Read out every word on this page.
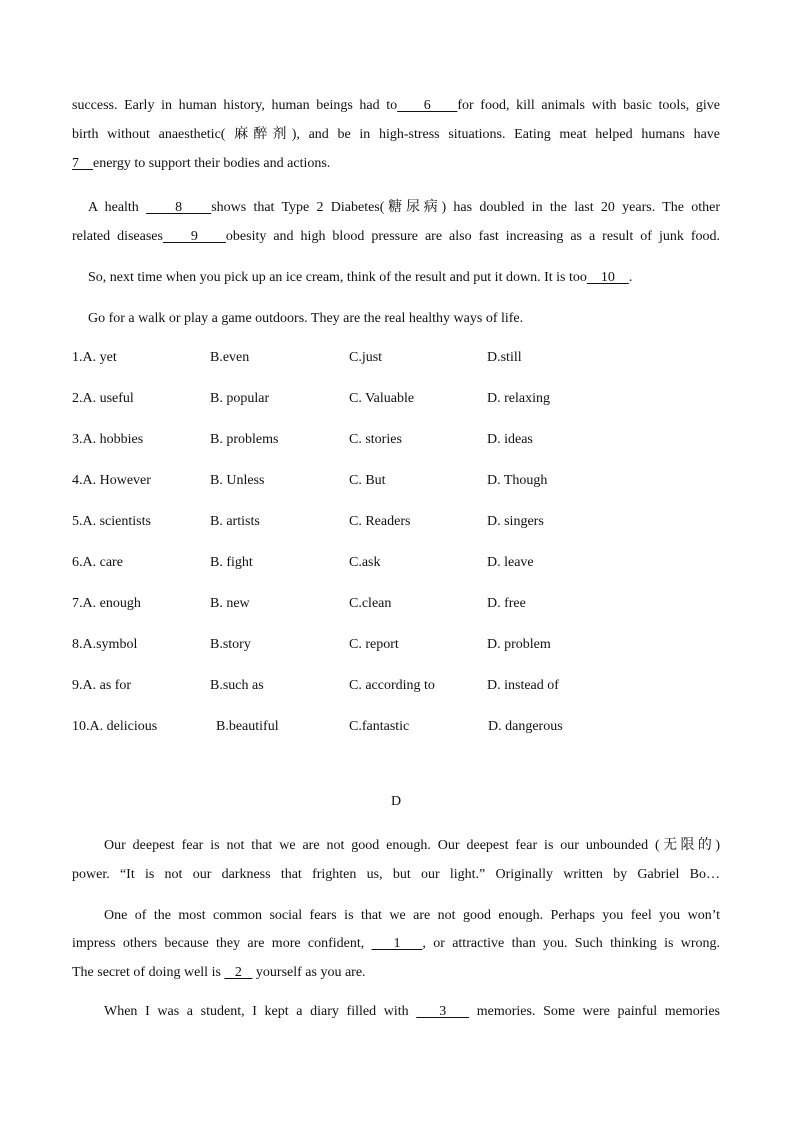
success. Early in human history, human beings had to    6    for food, kill animals with basic tools, give
birth without anaesthetic( 麻醉剂), and be in high-stress situations. Eating meat helped humans have
7    energy to support their bodies and actions.
A health     8    shows that Type 2 Diabetes(糖尿病) has doubled in the last 20 years. The other
related diseases    9    obesity and high blood pressure are also fast increasing as a result of junk food.
So, next time when you pick up an ice cream, think of the result and put it down. It is too    10    .
Go for a walk or play a game outdoors. They are the real healthy ways of life.
1.A. yet	B.even	C.just	D.still
2.A. useful	B. popular	C. Valuable	D. relaxing
3.A. hobbies	B. problems	C. stories	D. ideas
4.A. However	B. Unless	C. But	D. Though
5.A. scientists	B. artists	C. Readers	D. singers
6.A. care	B. fight	C.ask	D. leave
7.A. enough	B. new	C.clean	D. free
8.A.symbol	B.story	C. report	D. problem
9.A. as for	B.such as	C. according to	D. instead of
10.A. delicious	B.beautiful	C.fantastic	D. dangerous
D
Our deepest fear is not that we are not good enough. Our deepest fear is our unbounded (无限的)
power. “It is not our darkness that frighten us, but our light.” Originally written by Gabriel Bo…
One of the most common social fears is that we are not good enough. Perhaps you feel you won’t
impress others because they are more confident,    1   , or attractive than you. Such thinking is wrong.
The secret of doing well is    2    yourself as you are.
When I was a student, I kept a diary filled with    3    memories. Some were painful memories
